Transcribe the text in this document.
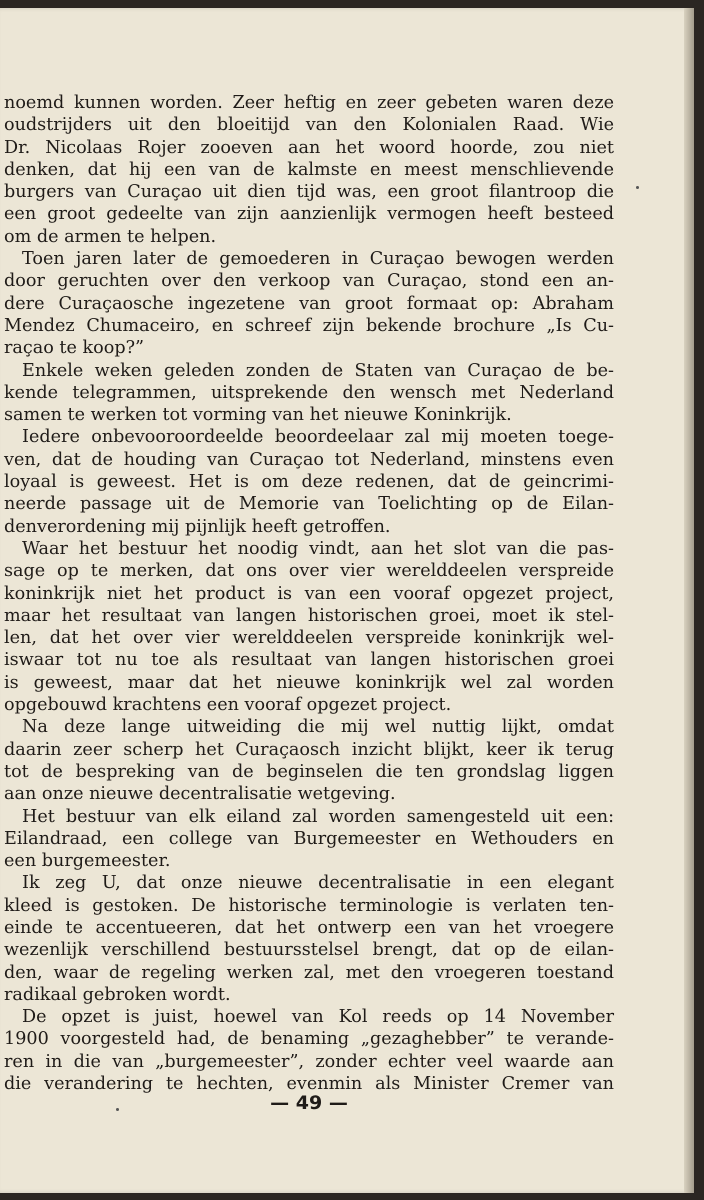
noemd kunnen worden. Zeer heftig en zeer gebeten waren deze
oudstrijders uit den bloeitijd van den Kolonialen Raad. Wie
Dr. Nicolaas Rojer zooeven aan het woord hoorde, zou niet
denken, dat hij een van de kalmste en meest menschlievende
burgers van Curaçao uit dien tijd was, een groot filantroop die
een groot gedeelte van zijn aanzienlijk vermogen heeft besteed
om de armen te helpen.
Toen jaren later de gemoederen in Curaçao bewogen werden
door geruchten over den verkoop van Curaçao, stond een an-
dere Curaçaosche ingezetene van groot formaat op: Abraham
Mendez Chumaceiro, en schreef zijn bekende brochure „Is Cu-
raçao te koop?”
Enkele weken geleden zonden de Staten van Curaçao de be-
kende telegrammen, uitsprekende den wensch met Nederland
samen te werken tot vorming van het nieuwe Koninkrijk.
Iedere onbevooroordeelde beoordeelaar zal mij moeten toege-
ven, dat de houding van Curaçao tot Nederland, minstens even
loyaal is geweest. Het is om deze redenen, dat de geincrimi-
neerde passage uit de Memorie van Toelichting op de Eilan-
denverordening mij pijnlijk heeft getroffen.
Waar het bestuur het noodig vindt, aan het slot van die pas-
sage op te merken, dat ons over vier werelddeelen verspreide
koninkrijk niet het product is van een vooraf opgezet project,
maar het resultaat van langen historischen groei, moet ik stel-
len, dat het over vier werelddeelen verspreide koninkrijk wel-
iswaar tot nu toe als resultaat van langen historischen groei
is geweest, maar dat het nieuwe koninkrijk wel zal worden
opgebouwd krachtens een vooraf opgezet project.
Na deze lange uitweiding die mij wel nuttig lijkt, omdat
daarin zeer scherp het Curaçaosch inzicht blijkt, keer ik terug
tot de bespreking van de beginselen die ten grondslag liggen
aan onze nieuwe decentralisatie wetgeving.
Het bestuur van elk eiland zal worden samengesteld uit een:
Eilandraad, een college van Burgemeester en Wethouders en
een burgemeester.
Ik zeg U, dat onze nieuwe decentralisatie in een elegant
kleed is gestoken. De historische terminologie is verlaten ten-
einde te accentueeren, dat het ontwerp een van het vroegere
wezenlijk verschillend bestuursstelsel brengt, dat op de eilan-
den, waar de regeling werken zal, met den vroegeren toestand
radikaal gebroken wordt.
De opzet is juist, hoewel van Kol reeds op 14 November
1900 voorgesteld had, de benaming „gezaghebber” te verande-
ren in die van „burgemeester”, zonder echter veel waarde aan
die verandering te hechten, evenmin als Minister Cremer van
— 49 —
